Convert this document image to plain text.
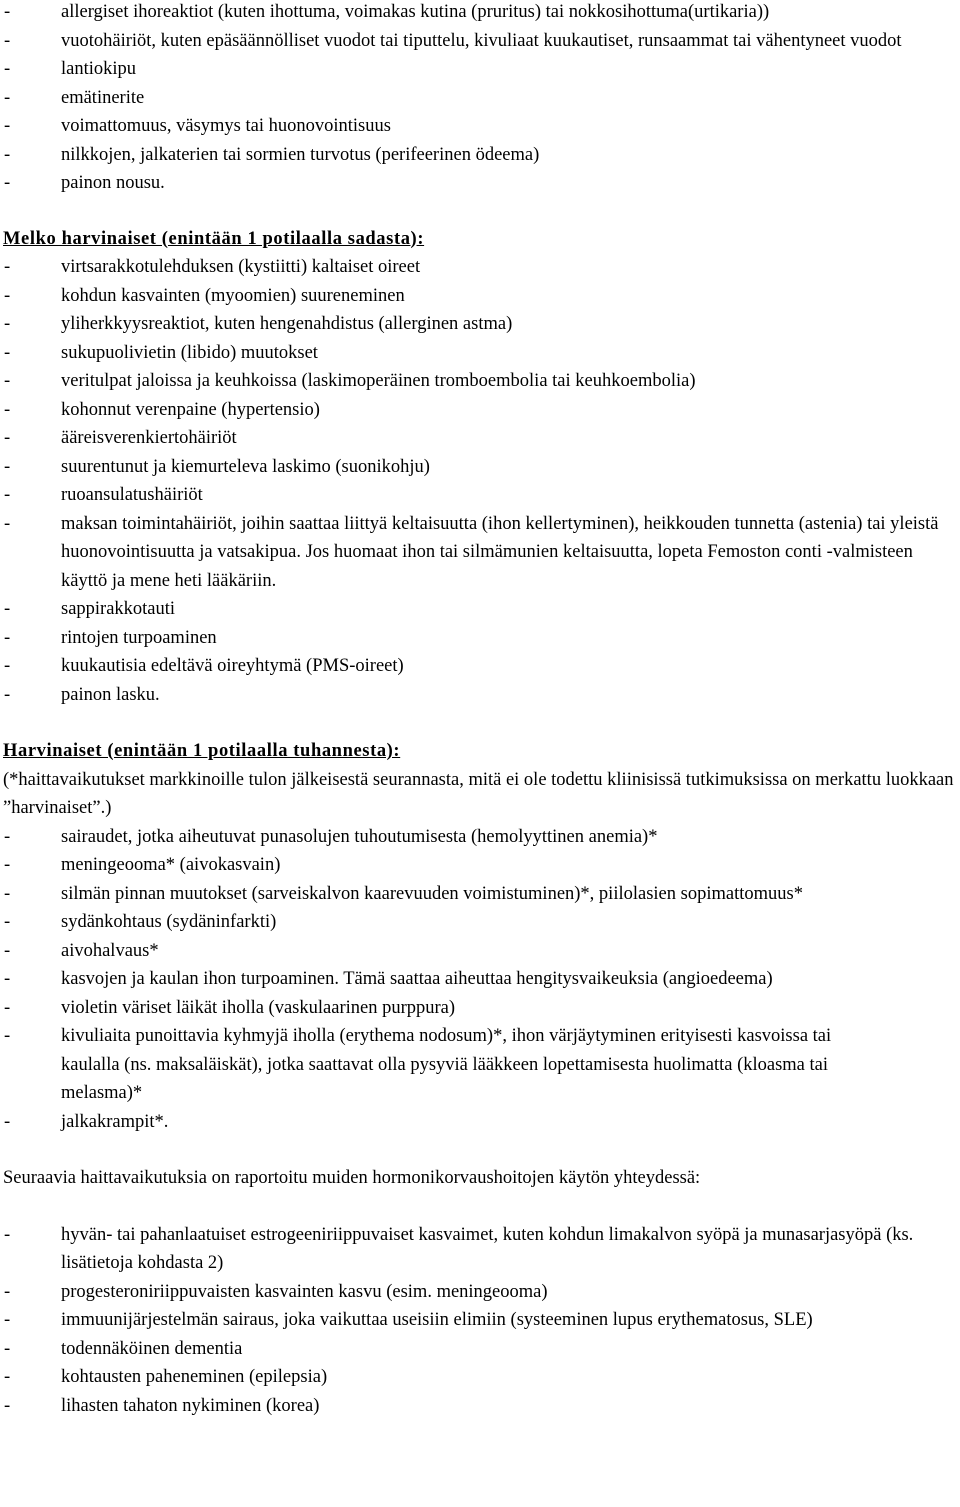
-	allergiset ihoreaktiot (kuten ihottuma, voimakas kutina (pruritus) tai nokkosihottuma(urtikaria))
-	vuotohäiriöt, kuten epäsäännölliset vuodot tai tiputtelu, kivuliaat kuukautiset, runsaammat tai vähentyneet vuodot
-	lantiokipu
-	emätinerite
-	voimattomuus, väsymys tai huonovointisuus
-	nilkkojen, jalkaterien tai sormien turvotus (perifeerinen ödeema)
-	painon nousu.
Melko harvinaiset (enintään 1 potilaalla sadasta):
-	virtsarakkotulehduksen (kystiitti) kaltaiset oireet
-	kohdun kasvainten (myoomien) suureneminen
-	yliherkkyysreaktiot, kuten hengenahdistus (allerginen astma)
-	sukupuolivietin (libido) muutokset
-	veritulpat jaloissa ja keuhkoissa (laskimoperäinen tromboembolia tai keuhkoembolia)
-	kohonnut verenpaine (hypertensio)
-	ääreisverenkiertohäiriöt
-	suurentunut ja kiemurteleva laskimo (suonikohju)
-	ruoansulatushäiriöt
-	maksan toimintahäiriöt, joihin saattaa liittyä keltaisuutta (ihon kellertyminen), heikkouden tunnetta (astenia) tai yleistä huonovointisuutta ja vatsakipua. Jos huomaat ihon tai silmämunien keltaisuutta, lopeta Femoston conti -valmisteen käyttö ja mene heti lääkäriin.
-	sappirakkotauti
-	rintojen turpoaminen
-	kuukautisia edeltävä oireyhtymä (PMS-oireet)
-	painon lasku.
Harvinaiset (enintään 1 potilaalla tuhannesta):
(*haittavaikutukset markkinoille tulon jälkeisestä seurannasta, mitä ei ole todettu kliinisissä tutkimuksissa on merkattu luokkaan ”harvinaiset”.)
-	sairaudet, jotka aiheutuvat punasolujen tuhoutumisesta (hemolyyttinen anemia)*
-	meningeooma* (aivokasvain)
-	silmän pinnan muutokset (sarveiskalvon kaarevuuden voimistuminen)*, piilolasien sopimattomuus*
-	sydänkohtaus (sydäninfarkti)
-	aivohalvaus*
-	kasvojen ja kaulan ihon turpoaminen. Tämä saattaa aiheuttaa hengitysvaikeuksia (angioedeema)
-	violetin väriset läikät iholla (vaskulaarinen purppura)
-	kivuliaita punoittavia kyhmyjä iholla (erythema nodosum)*, ihon värjäytyminen erityisesti kasvoissa tai kaulalla (ns. maksaläiskät), jotka saattavat olla pysyviä lääkkeen lopettamisesta huolimatta (kloasma tai melasma)*
-	jalkakrampit*.
Seuraavia haittavaikutuksia on raportoitu muiden hormonikorvaushoitojen käytön yhteydessä:
-	hyvän- tai pahanlaatuiset estrogeeniriippuvaiset kasvaimet, kuten kohdun limakalvon syöpä ja munasarjasyöpä (ks. lisätietoja kohdasta 2)
-	progesteroniriippuvaisten kasvainten kasvu (esim. meningeooma)
-	immuunijärjestelmän sairaus, joka vaikuttaa useisiin elimiin (systeeminen lupus erythematosus, SLE)
-	todennäköinen dementia
-	kohtausten paheneminen (epilepsia)
-	lihasten tahaton nykiminen (korea)
